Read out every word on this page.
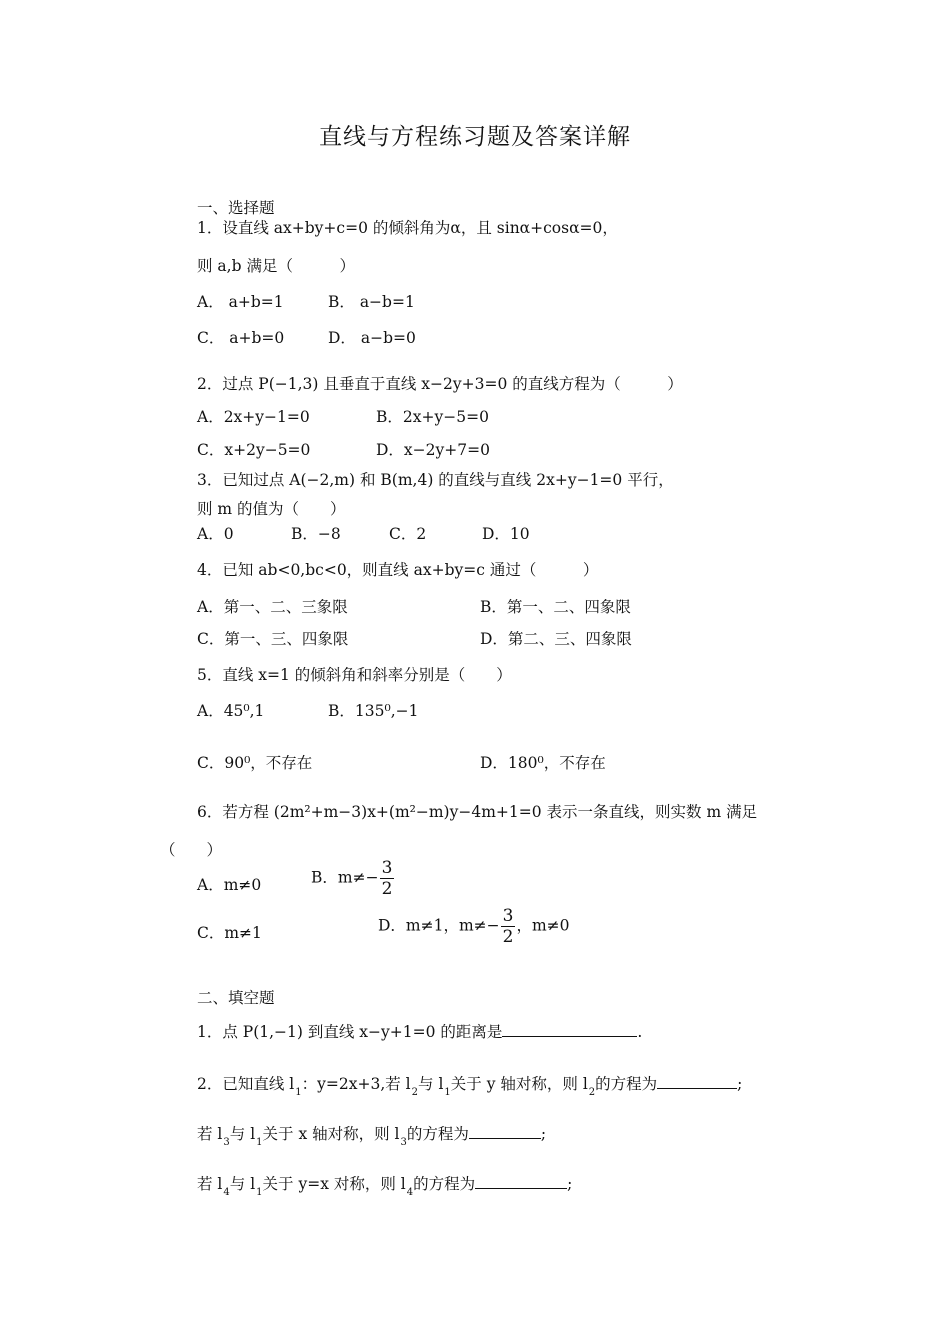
直线与方程练习题及答案详解
一、选择题
1．设直线 ax+by+c=0 的倾斜角为α，且 sinα+cosα=0，
则 a,b 满足（　　　）
A． a+b=1	B． a−b=1
C． a+b=0	D． a−b=0
2．过点 P(−1,3) 且垂直于直线 x−2y+3=0 的直线方程为（　　　）
A．2x+y−1=0	B．2x+y−5=0
C．x+2y−5=0	D．x−2y+7=0
3．已知过点 A(−2,m) 和 B(m,4) 的直线与直线 2x+y−1=0 平行，
则 m 的值为（　　）
A．0	B．−8	C．2	D．10
4．已知 ab<0,bc<0，则直线 ax+by=c 通过（　　　）
A．第一、二、三象限	B．第一、二、四象限
C．第一、三、四象限	D．第二、三、四象限
5．直线 x=1 的倾斜角和斜率分别是（　　）
A．45⁰,1	B．135⁰,−1
C．90⁰，不存在	D．180⁰，不存在
6．若方程 (2m²+m−3)x+(m²−m)y−4m+1=0 表示一条直线，则实数 m 满足
（　　）
A．m≠0	B．$m\ne- \frac{3}{2}$
C．m≠1	D．m≠1，$m\ne- \frac{3}{2}$ ，m≠0
二、填空题
1．点 P(1,−1) 到直线 x−y+1=0 的距离是	.
2．已知直线 $l_1$：y=2x+3,若 $l_2$与 $l_1$关于 y 轴对称，则 $l_2$的方程为	;
若 $l_3$与 $l_1$关于 x 轴对称，则 $l_3$的方程为	;
若 $l_4$与 $l_1$关于 y=x 对称，则 $l_4$的方程为	;
